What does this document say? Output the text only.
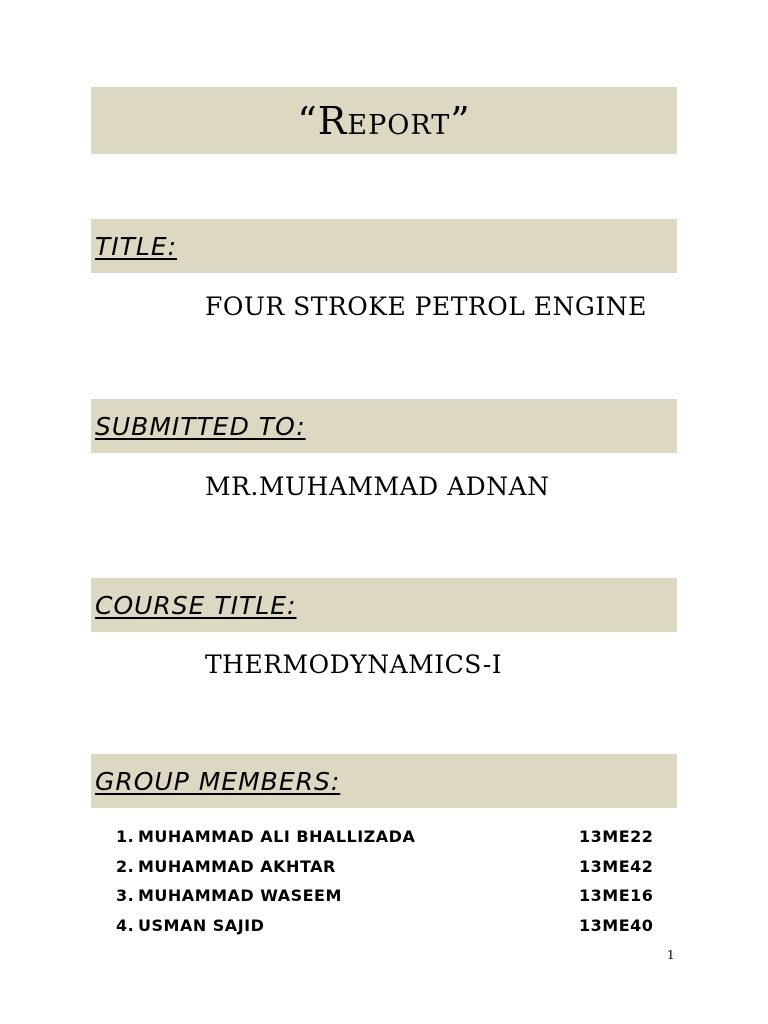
“Report”
TITLE:
FOUR STROKE PETROL ENGINE
SUBMITTED TO:
MR.MUHAMMAD ADNAN
COURSE TITLE:
THERMODYNAMICS-I
GROUP MEMBERS:
1. MUHAMMAD ALI BHALLIZADA	13ME22
2. MUHAMMAD AKHTAR	13ME42
3. MUHAMMAD WASEEM	13ME16
4. USMAN SAJID	13ME40
1
